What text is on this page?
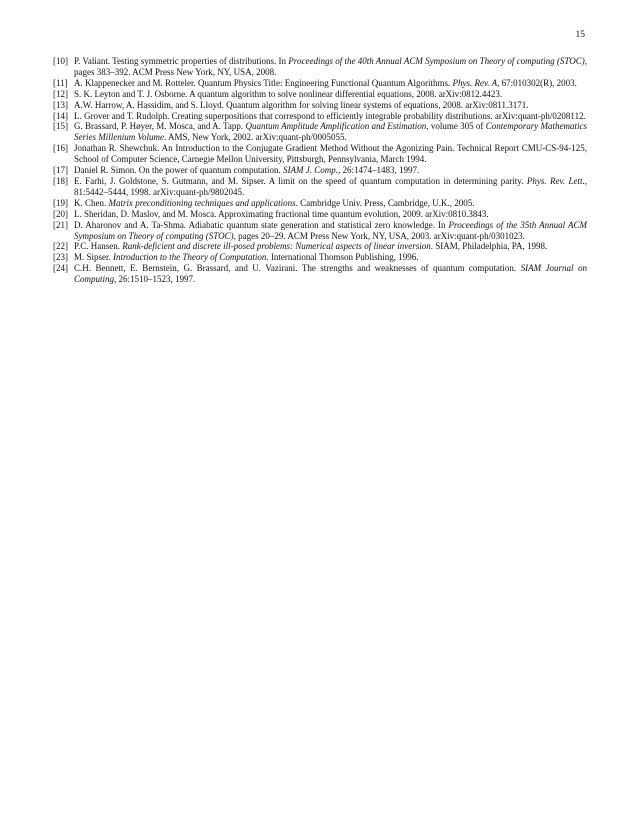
15
[10] P. Valiant. Testing symmetric properties of distributions. In Proceedings of the 40th Annual ACM Symposium on Theory of computing (STOC), pages 383–392. ACM Press New York, NY, USA, 2008.
[11] A. Klappenecker and M. Rotteler. Quantum Physics Title: Engineering Functional Quantum Algorithms. Phys. Rev. A, 67:010302(R), 2003.
[12] S. K. Leyton and T. J. Osborne. A quantum algorithm to solve nonlinear differential equations, 2008. arXiv:0812.4423.
[13] A.W. Harrow, A. Hassidim, and S. Lloyd. Quantum algorithm for solving linear systems of equations, 2008. arXiv:0811.3171.
[14] L. Grover and T. Rudolph. Creating superpositions that correspond to efficiently integrable probability distributions. arXiv:quant-ph/0208112.
[15] G. Brassard, P. Høyer, M. Mosca, and A. Tapp. Quantum Amplitude Amplification and Estimation, volume 305 of Contemporary Mathematics Series Millenium Volume. AMS, New York, 2002. arXiv:quant-ph/0005055.
[16] Jonathan R. Shewchuk. An Introduction to the Conjugate Gradient Method Without the Agonizing Pain. Technical Report CMU-CS-94-125, School of Computer Science, Carnegie Mellon University, Pittsburgh, Pennsylvania, March 1994.
[17] Daniel R. Simon. On the power of quantum computation. SIAM J. Comp., 26:1474–1483, 1997.
[18] E. Farhi, J. Goldstone, S. Gutmann, and M. Sipser. A limit on the speed of quantum computation in determining parity. Phys. Rev. Lett., 81:5442–5444, 1998. arXiv:quant-ph/9802045.
[19] K. Chen. Matrix preconditioning techniques and applications. Cambridge Univ. Press, Cambridge, U.K., 2005.
[20] L. Sheridan, D. Maslov, and M. Mosca. Approximating fractional time quantum evolution, 2009. arXiv:0810.3843.
[21] D. Aharonov and A. Ta-Shma. Adiabatic quantum state generation and statistical zero knowledge. In Proceedings of the 35th Annual ACM Symposium on Theory of computing (STOC), pages 20–29. ACM Press New York, NY, USA, 2003. arXiv:quant-ph/0301023.
[22] P.C. Hansen. Rank-deficient and discrete ill-posed problems: Numerical aspects of linear inversion. SIAM, Philadelphia, PA, 1998.
[23] M. Sipser. Introduction to the Theory of Computation. International Thomson Publishing, 1996.
[24] C.H. Bennett, E. Bernstein, G. Brassard, and U. Vazirani. The strengths and weaknesses of quantum computation. SIAM Journal on Computing, 26:1510–1523, 1997.
